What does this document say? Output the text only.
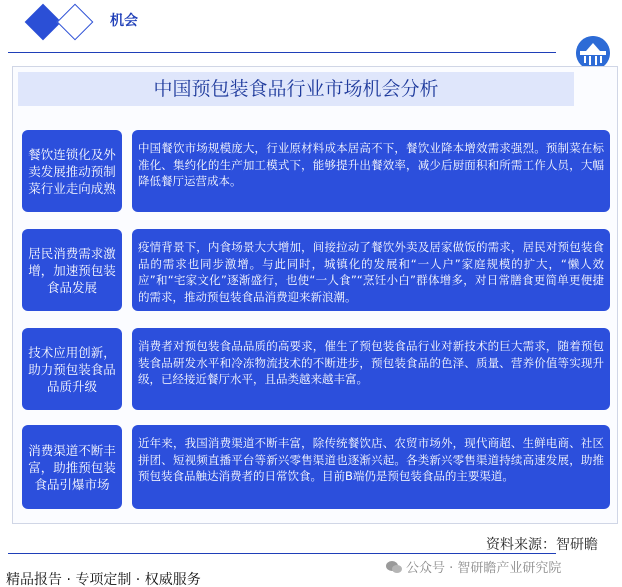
机会
中国预包装食品行业市场机会分析
餐饮连锁化及外卖发展推动预制菜行业走向成熟
中国餐饮市场规模庞大，行业原材料成本居高不下，餐饮业降本增效需求强烈。预制菜在标准化、集约化的生产加工模式下，能够提升出餐效率，减少后厨面积和所需工作人员，大幅降低餐厅运营成本。
居民消费需求激增，加速预包装食品发展
疫情背景下，内食场景大大增加，间接拉动了餐饮外卖及居家做饭的需求，居民对预包装食品的需求也同步激增。与此同时，城镇化的发展和“一人户”家庭规模的扩大，“懒人效应”和“宅家文化”逐渐盛行，也使“一人食”“烹饪小白”群体增多，对日常膳食更简单更便捷的需求，推动预包装食品消费迎来新浪潮。
技术应用创新，助力预包装食品品质升级
消费者对预包装食品品质的高要求，催生了预包装食品行业对新技术的巨大需求，随着预包装食品研发水平和冷冻物流技术的不断进步，预包装食品的色泽、质量、营养价值等实现升级，已经接近餐厅水平，且品类越来越丰富。
消费渠道不断丰富，助推预包装食品引爆市场
近年来，我国消费渠道不断丰富，除传统餐饮店、农贸市场外，现代商超、生鲜电商、社区拼团、短视频直播平台等新兴零售渠道也逐渐兴起。各类新兴零售渠道持续高速发展，助推预包装食品触达消费者的日常饮食。目前B端仍是预包装食品的主要渠道。
资料来源：智研瞻
精品报告 · 专项定制 · 权威服务
公众号 · 智研瞻产业研究院
